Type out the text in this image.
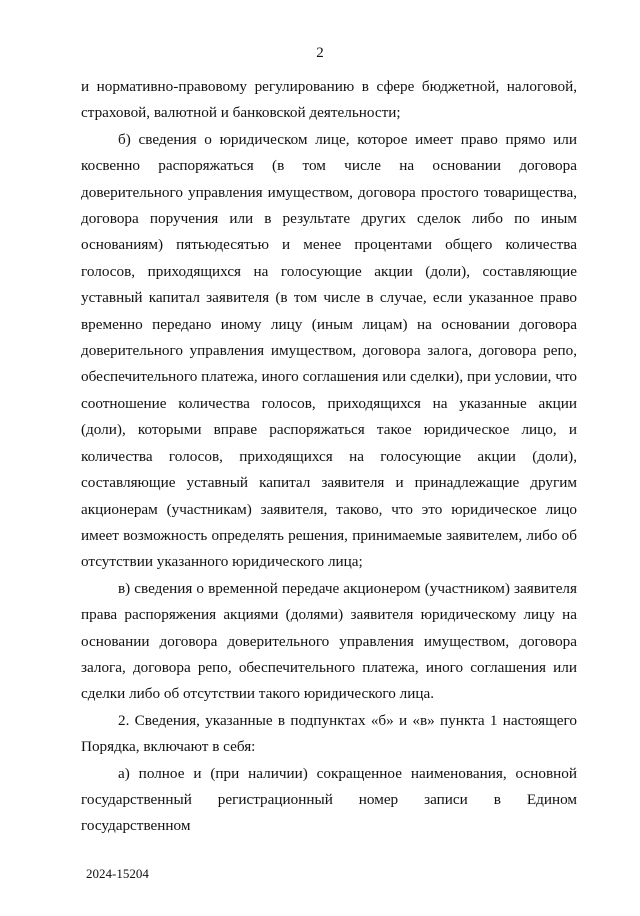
2

и нормативно-правовому регулированию в сфере бюджетной, налоговой, страховой, валютной и банковской деятельности;

б) сведения о юридическом лице, которое имеет право прямо или косвенно распоряжаться (в том числе на основании договора доверительного управления имуществом, договора простого товарищества, договора поручения или в результате других сделок либо по иным основаниям) пятьюдесятью и менее процентами общего количества голосов, приходящихся на голосующие акции (доли), составляющие уставный капитал заявителя (в том числе в случае, если указанное право временно передано иному лицу (иным лицам) на основании договора доверительного управления имуществом, договора залога, договора репо, обеспечительного платежа, иного соглашения или сделки), при условии, что соотношение количества голосов, приходящихся на указанные акции (доли), которыми вправе распоряжаться такое юридическое лицо, и количества голосов, приходящихся на голосующие акции (доли), составляющие уставный капитал заявителя и принадлежащие другим акционерам (участникам) заявителя, таково, что это юридическое лицо имеет возможность определять решения, принимаемые заявителем, либо об отсутствии указанного юридического лица;

в) сведения о временной передаче акционером (участником) заявителя права распоряжения акциями (долями) заявителя юридическому лицу на основании договора доверительного управления имуществом, договора залога, договора репо, обеспечительного платежа, иного соглашения или сделки либо об отсутствии такого юридического лица.

2. Сведения, указанные в подпунктах «б» и «в» пункта 1 настоящего Порядка, включают в себя:

а) полное и (при наличии) сокращенное наименования, основной государственный регистрационный номер записи в Едином государственном

2024-15204
